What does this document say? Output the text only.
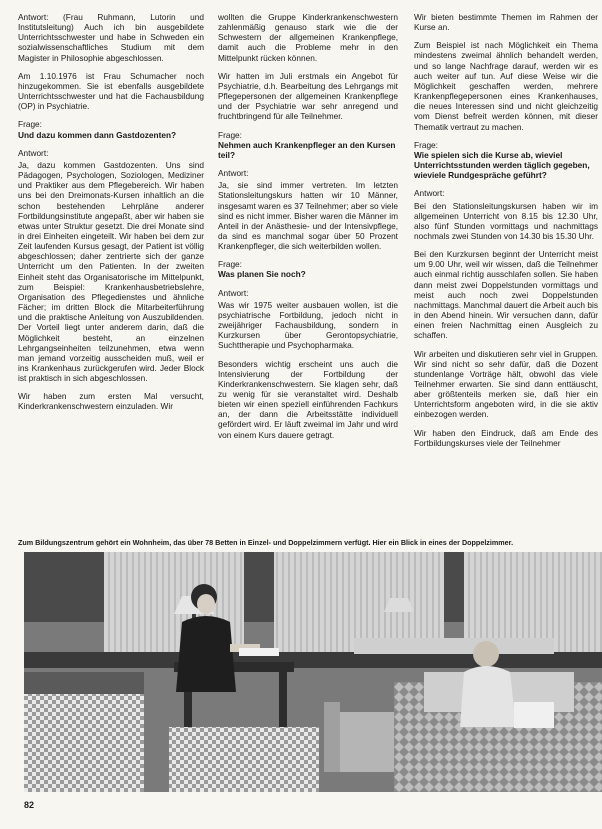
Antwort: (Frau Ruhmann, Lutorin und Institutsleitung) Auch ich bin ausgebildete Unterrichtsschwester und habe in Schweden ein sozialwissenschaftliches Studium mit dem Magister in Philosophie abgeschlossen.

Am 1.10.1976 ist Frau Schumacher noch hinzugekommen. Sie ist ebenfalls ausgebildete Unterrichtsschwester und hat die Fachausbildung (OP) in Psychiatrie.

Frage:
Und dazu kommen dann Gastdozenten?

Antwort:

Ja, dazu kommen Gastdozenten. Uns sind Pädagogen, Psychologen, Soziologen, Mediziner und Praktiker aus dem Pflegebereich. Wir haben uns bei den Dreimonats-Kursen inhaltlich an die schon bestehenden Lehrpläne anderer Fortbildungsinstitute angepaßt, aber wir haben sie etwas unter Struktur gesetzt. Die drei Monate sind in drei Einheiten eingeteilt. Wir haben bei dem zur Zeit laufenden Kursus gesagt, der Patient ist völlig abgeschlossen; daher zentrierte sich der ganze Unterricht um den Patienten. In der zweiten Einheit steht das Organisatorische im Mittelpunkt, zum Beispiel: Krankenhausbetriebslehre, Organisation des Pflegedienstes und ähnliche Fächer; im dritten Block die Mitarbeiterführung und die praktische Anleitung von Auszubildenden. Der Vorteil liegt unter anderem darin, daß die Möglichkeit besteht, an einzelnen Lehrgangseinheiten teilzunehmen, etwa wenn man jemand vorzeitig ausscheiden muß, weil er ins Krankenhaus zurückgerufen wird. Jeder Block ist praktisch in sich abgeschlossen.

Wir haben zum ersten Mal versucht, Kinderkrankenschwestern einzuladen. Wir

wollten die Gruppe Kinderkrankenschwestern zahlenmäßig genauso stark wie die der Schwestern der allgemeinen Krankenpflege, damit auch die Probleme mehr in den Mittelpunkt rücken können.

Wir hatten im Juli erstmals ein Angebot für Psychiatrie, d.h. Bearbeitung des Lehrgangs mit Pflegepersonen der allgemeinen Krankenpflege und der Psychiatrie war sehr anregend und fruchtbringend für alle Teilnehmer.

Frage:
Nehmen auch Krankenpfleger an den Kursen teil?

Antwort:

Ja, sie sind immer vertreten. Im letzten Stationsleitungskurs hatten wir 10 Männer, insgesamt waren es 37 Teilnehmer; aber so viele sind es nicht immer. Bisher waren die Männer im Anteil in der Anästhesie- und der Intensivpflege, da sind es manchmal sogar über 50 Prozent Krankenpfleger, die sich weiterbilden wollen.

Frage:
Was planen Sie noch?

Antwort:

Was wir 1975 weiter ausbauen wollen, ist die psychiatrische Fortbildung, jedoch nicht in zweijähriger Fachausbildung, sondern in Kurzkursen über Gerontopsychiatrie, Suchttherapie und Psychopharmaka.

Besonders wichtig erscheint uns auch die Intensivierung der Fortbildung der Kinderkrankenschwestern. Sie klagen sehr, daß zu wenig für sie veranstaltet wird. Deshalb bieten wir einen speziell einführenden Fachkurs an, der dann die Arbeitsstätte individuell gefördert wird. Er läuft zweimal im Jahr und wird von einem Kurs dauere getragt.

Wir bieten bestimmte Themen im Rahmen der Kurse an.

Zum Beispiel ist nach Möglichkeit ein Thema mindestens zweimal ähnlich behandelt werden, und so lange Nachfrage darauf, werden wir es auch weiter auf tun. Auf diese Weise wir die Möglichkeit geschaffen werden, mehrere Krankenpflegepersonen eines Krankenhauses, die neues Interessen sind und nicht gleichzeitig vom Dienst befreit werden können, mit dieser Thematik vertraut zu machen.

Frage:
Wie spielen sich die Kurse ab, wieviel Unterrichtsstunden werden täglich gegeben, wieviele Rundgespräche geführt?

Antwort:

Bei den Stationsleitungskursen haben wir im allgemeinen Unterricht von 8.15 bis 12.30 Uhr, also fünf Stunden vormittags und nachmittags nochmals zwei Stunden von 14.30 bis 15.30 Uhr.

Bei den Kurzkursen beginnt der Unterricht meist um 9.00 Uhr, weil wir wissen, daß die Teilnehmer auch einmal richtig ausschlafen sollen. Sie haben dann meist zwei Doppelstunden vormittags und meist auch noch zwei Doppelstunden nachmittags. Manchmal dauert die Arbeit auch bis in den Abend hinein. Wir versuchen dann, dafür einen freien Nachmittag einen Ausgleich zu schaffen.

Wir arbeiten und diskutieren sehr viel in Gruppen. Wir sind nicht so sehr dafür, daß die Dozent stundenlange Vorträge hält, obwohl das viele Teilnehmer erwarten. Sie sind dann enttäuscht, aber größtenteils merken sie, daß hier ein Unterrichtsform angeboten wird, in die sie aktiv einbezogen werden.

Wir haben den Eindruck, daß am Ende des Fortbildungskurses viele der Teilnehmer

Zum Bildungszentrum gehört ein Wohnheim, das über 78 Betten in Einzel- und Doppelzimmern verfügt. Hier ein Blick in eines der Doppelzimmer.
82
